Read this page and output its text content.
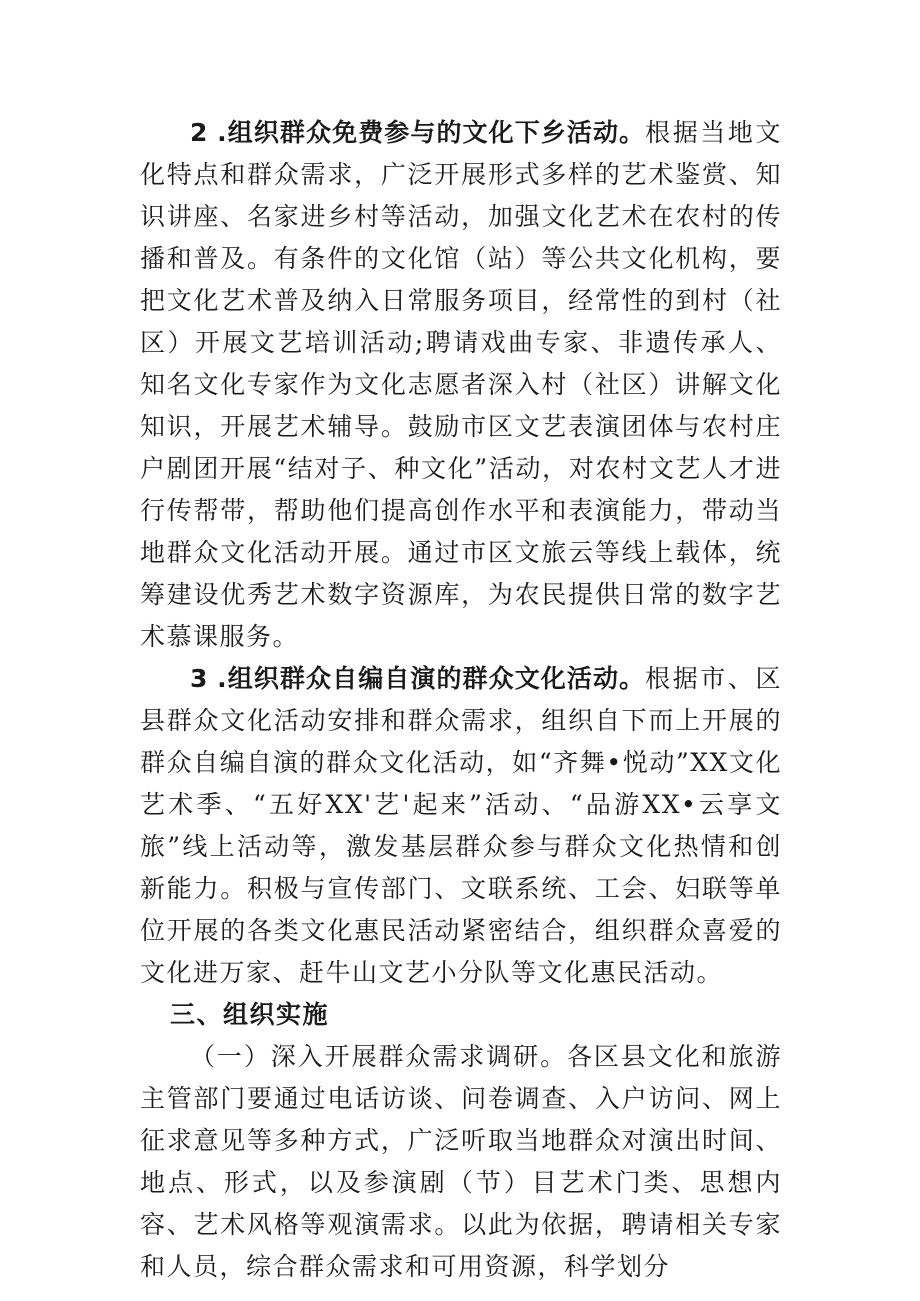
2 .组织群众免费参与的文化下乡活动。根据当地文化特点和群众需求，广泛开展形式多样的艺术鉴赏、知识讲座、名家进乡村等活动，加强文化艺术在农村的传播和普及。有条件的文化馆（站）等公共文化机构，要把文化艺术普及纳入日常服务项目，经常性的到村（社区）开展文艺培训活动;聘请戏曲专家、非遗传承人、知名文化专家作为文化志愿者深入村（社区）讲解文化知识，开展艺术辅导。鼓励市区文艺表演团体与农村庄户剧团开展“结对子、种文化”活动，对农村文艺人才进行传帮带，帮助他们提高创作水平和表演能力，带动当地群众文化活动开展。通过市区文旅云等线上载体，统筹建设优秀艺术数字资源库，为农民提供日常的数字艺术慕课服务。

3 .组织群众自编自演的群众文化活动。根据市、区县群众文化活动安排和群众需求，组织自下而上开展的群众自编自演的群众文化活动，如“齐舞•悦动”XX文化艺术季、“五好XX'艺'起来”活动、“品游XX•云享文旅”线上活动等，激发基层群众参与群众文化热情和创新能力。积极与宣传部门、文联系统、工会、妇联等单位开展的各类文化惠民活动紧密结合，组织群众喜爱的文化进万家、赶牛山文艺小分队等文化惠民活动。

三、组织实施

（一）深入开展群众需求调研。各区县文化和旅游主管部门要通过电话访谈、问卷调查、入户访问、网上征求意见等多种方式，广泛听取当地群众对演出时间、地点、形式，以及参演剧（节）目艺术门类、思想内容、艺术风格等观演需求。以此为依据，聘请相关专家和人员，综合群众需求和可用资源，科学划分
